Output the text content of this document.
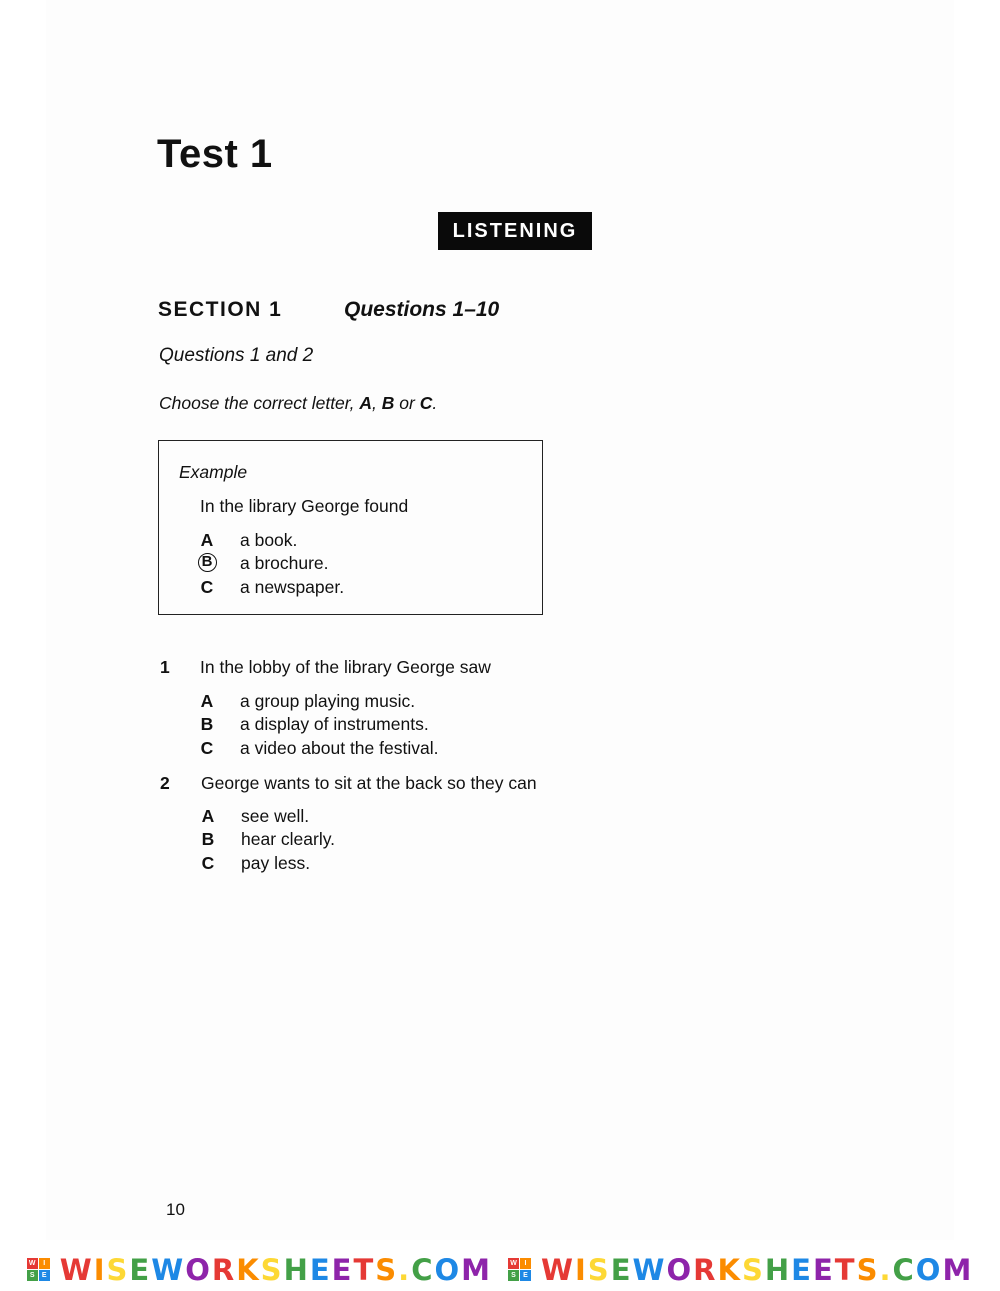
Test 1
LISTENING
SECTION 1	Questions 1–10
Questions 1 and 2
Choose the correct letter, A, B or C.
Example
In the library George found
A a book.
B a brochure.
C a newspaper.
1 In the lobby of the library George saw
A a group playing music.
B a display of instruments.
C a video about the festival.
2 George wants to sit at the back so they can
A see well.
B hear clearly.
C pay less.
10
W	I
S	E WISEWORKSHEETS.COM	W	I
S	E WISEWORKSHEETS.COM
